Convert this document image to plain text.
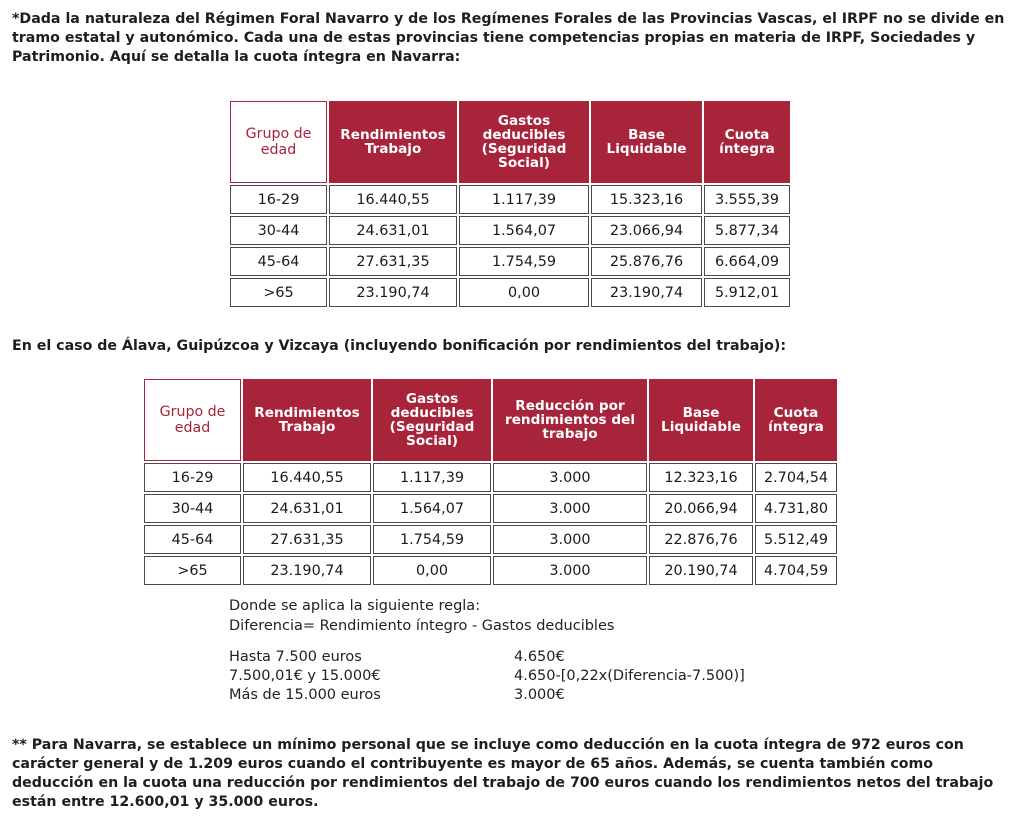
*Dada la naturaleza del Régimen Foral Navarro y de los Regímenes Forales de las Provincias Vascas, el IRPF no se divide en tramo estatal y autonómico. Cada una de estas provincias tiene competencias propias en materia de IRPF, Sociedades y Patrimonio. Aquí se detalla la cuota íntegra en Navarra:

Grupo de edad	Rendimientos Trabajo	Gastos deducibles (Seguridad Social)	Base Liquidable	Cuota íntegra
16-29	16.440,55	1.117,39	15.323,16	3.555,39
30-44	24.631,01	1.564,07	23.066,94	5.877,34
45-64	27.631,35	1.754,59	25.876,76	6.664,09
>65	23.190,74	0,00	23.190,74	5.912,01

En el caso de Álava, Guipúzcoa y Vizcaya (incluyendo bonificación por rendimientos del trabajo):

Grupo de edad	Rendimientos Trabajo	Gastos deducibles (Seguridad Social)	Reducción por rendimientos del trabajo	Base Liquidable	Cuota íntegra
16-29	16.440,55	1.117,39	3.000	12.323,16	2.704,54
30-44	24.631,01	1.564,07	3.000	20.066,94	4.731,80
45-64	27.631,35	1.754,59	3.000	22.876,76	5.512,49
>65	23.190,74	0,00	3.000	20.190,74	4.704,59
Donde se aplica la siguiente regla:
Diferencia= Rendimiento íntegro - Gastos deducibles
Hasta 7.500 euros	4.650€
7.500,01€ y 15.000€	4.650-[0,22x(Diferencia-7.500)]
Más de 15.000 euros	3.000€

** Para Navarra, se establece un mínimo personal que se incluye como deducción en la cuota íntegra de 972 euros con carácter general y de 1.209 euros cuando el contribuyente es mayor de 65 años. Además, se cuenta también como deducción en la cuota una reducción por rendimientos del trabajo de 700 euros cuando los rendimientos netos del trabajo están entre 12.600,01 y 35.000 euros.
